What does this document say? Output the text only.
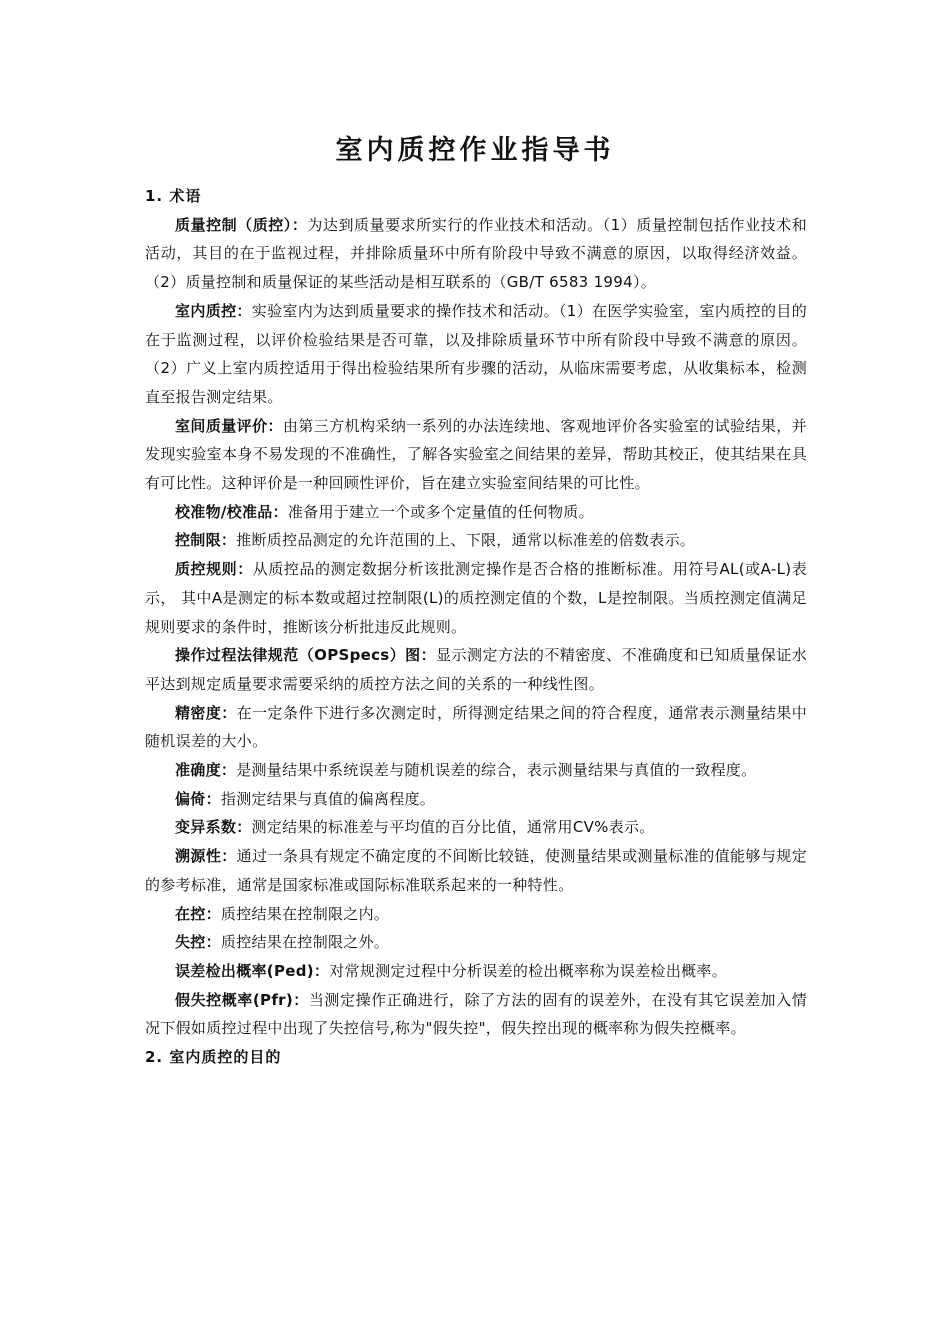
室内质控作业指导书

1. 术语

质量控制（质控）：为达到质量要求所实行的作业技术和活动。（1）质量控制包括作业技术和活动，其目的在于监视过程，并排除质量环中所有阶段中导致不满意的原因，以取得经济效益。（2）质量控制和质量保证的某些活动是相互联系的（GB/T 6583 1994）。

室内质控：实验室内为达到质量要求的操作技术和活动。（1）在医学实验室，室内质控的目的在于监测过程，以评价检验结果是否可靠，以及排除质量环节中所有阶段中导致不满意的原因。（2）广义上室内质控适用于得出检验结果所有步骤的活动，从临床需要考虑，从收集标本，检测直至报告测定结果。

室间质量评价：由第三方机构采纳一系列的办法连续地、客观地评价各实验室的试验结果，并发现实验室本身不易发现的不准确性，了解各实验室之间结果的差异，帮助其校正，使其结果在具有可比性。这种评价是一种回顾性评价，旨在建立实验室间结果的可比性。

校准物/校准品：准备用于建立一个或多个定量值的任何物质。

控制限：推断质控品测定的允许范围的上、下限，通常以标准差的倍数表示。

质控规则：从质控品的测定数据分析该批测定操作是否合格的推断标准。用符号AL(或A-L)表示， 其中A是测定的标本数或超过控制限(L)的质控测定值的个数，L是控制限。当质控测定值满足规则要求的条件时，推断该分析批违反此规则。

操作过程法律规范（OPSpecs）图：显示测定方法的不精密度、不准确度和已知质量保证水平达到规定质量要求需要采纳的质控方法之间的关系的一种线性图。

精密度：在一定条件下进行多次测定时，所得测定结果之间的符合程度，通常表示测量结果中随机误差的大小。

准确度：是测量结果中系统误差与随机误差的综合，表示测量结果与真值的一致程度。

偏倚：指测定结果与真值的偏离程度。

变异系数：测定结果的标准差与平均值的百分比值，通常用CV%表示。

溯源性：通过一条具有规定不确定度的不间断比较链，使测量结果或测量标准的值能够与规定的参考标准，通常是国家标准或国际标准联系起来的一种特性。

在控：质控结果在控制限之内。

失控：质控结果在控制限之外。

误差检出概率(Ped)：对常规测定过程中分析误差的检出概率称为误差检出概率。

假失控概率(Pfr)：当测定操作正确进行，除了方法的固有的误差外，在没有其它误差加入情况下假如质控过程中出现了失控信号,称为"假失控"，假失控出现的概率称为假失控概率。

2. 室内质控的目的
